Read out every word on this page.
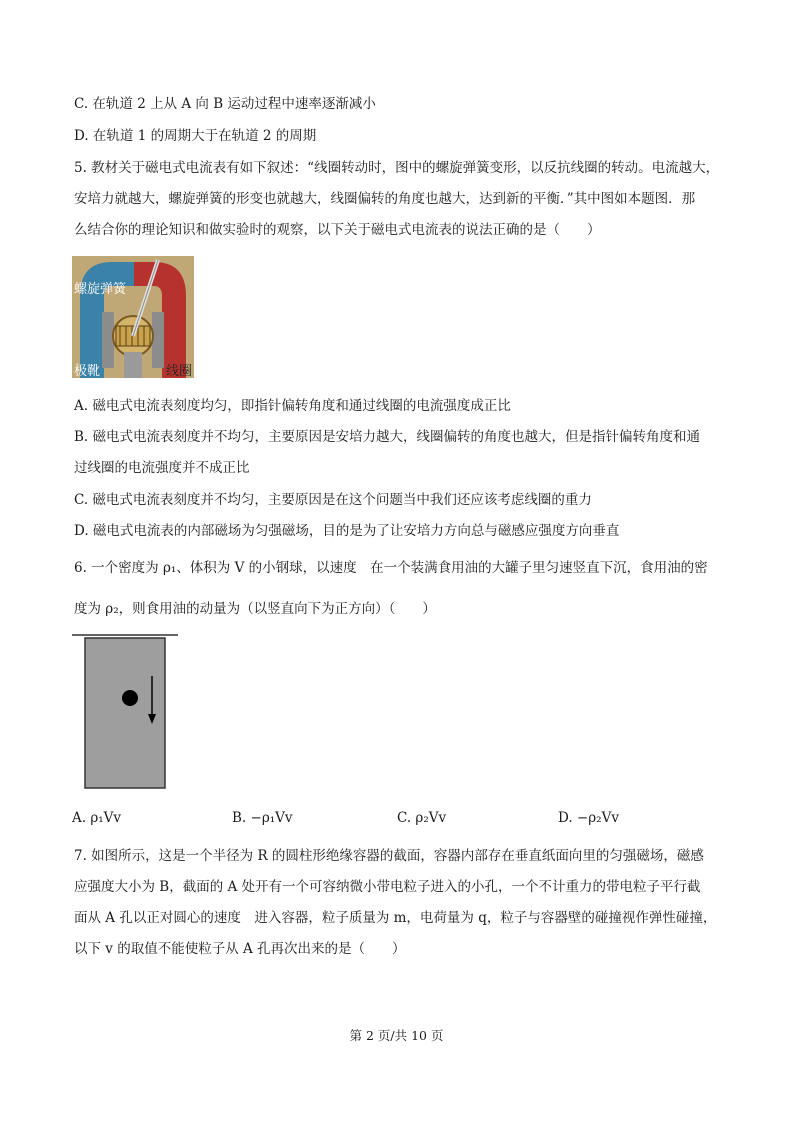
C. 在轨道 2 上从 A 向 B 运动过程中速率逐渐减小
D. 在轨道 1 的周期大于在轨道 2 的周期
5. 教材关于磁电式电流表有如下叙述：“线圈转动时，图中的螺旋弹簧变形，以反抗线圈的转动。电流越大，
安培力就越大，螺旋弹簧的形变也就越大，线圈偏转的角度也越大，达到新的平衡．”其中图如本题图．那
么结合你的理论知识和做实验时的观察，以下关于磁电式电流表的说法正确的是（　　）
螺旋弹簧
极靴	线圈
A. 磁电式电流表刻度均匀，即指针偏转角度和通过线圈的电流强度成正比
B. 磁电式电流表刻度并不均匀，主要原因是安培力越大，线圈偏转的角度也越大，但是指针偏转角度和通
过线圈的电流强度并不成正比
C. 磁电式电流表刻度并不均匀，主要原因是在这个问题当中我们还应该考虑线圈的重力
D. 磁电式电流表的内部磁场为匀强磁场，目的是为了让安培力方向总与磁感应强度方向垂直
6. 一个密度为 ρ₁、体积为 V 的小钢球，以速度　在一个装满食用油的大罐子里匀速竖直下沉，食用油的密
度为 ρ₂，则食用油的动量为（以竖直向下为正方向）（　　）
A. ρ₁Vv	B. −ρ₁Vv	C. ρ₂Vv	D. −ρ₂Vv
7. 如图所示，这是一个半径为 R 的圆柱形绝缘容器的截面，容器内部存在垂直纸面向里的匀强磁场，磁感
应强度大小为 B，截面的 A 处开有一个可容纳微小带电粒子进入的小孔，一个不计重力的带电粒子平行截
面从 A 孔以正对圆心的速度　进入容器，粒子质量为 m，电荷量为 q，粒子与容器壁的碰撞视作弹性碰撞，
以下 v 的取值不能使粒子从 A 孔再次出来的是（　　）
第 2 页/共 10 页
